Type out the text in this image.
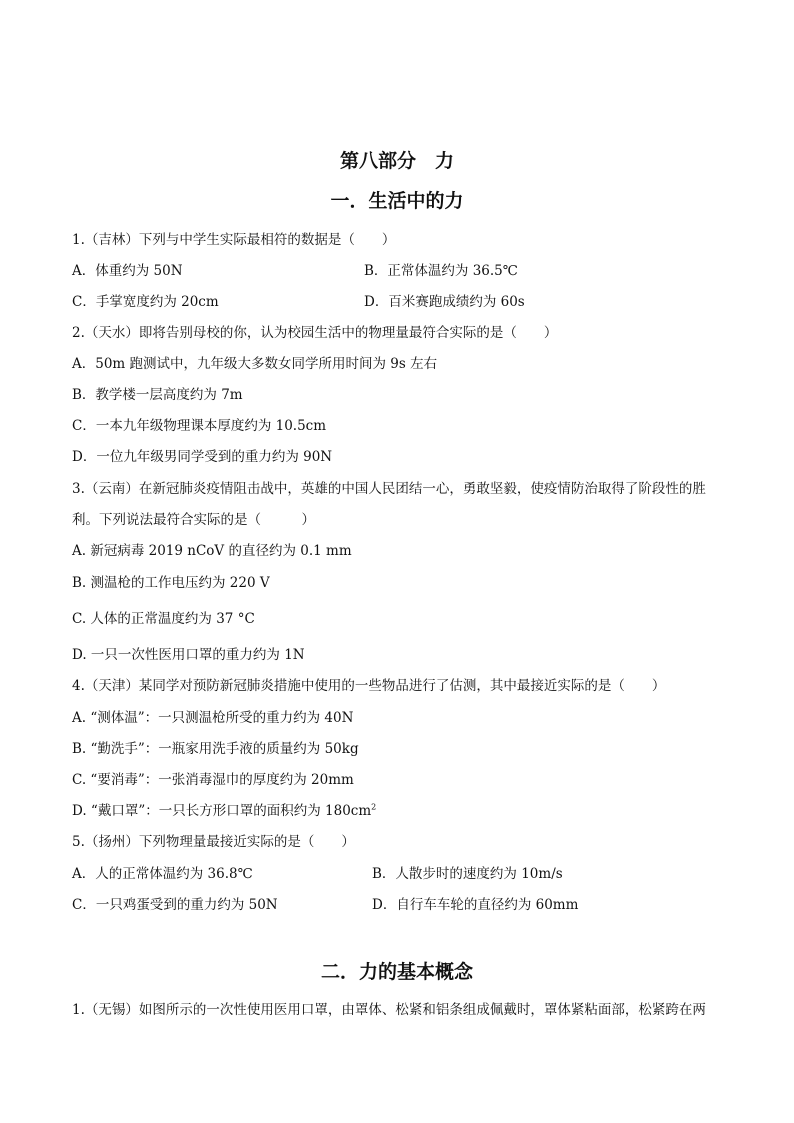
第八部分　力
一．生活中的力
1.（吉林）下列与中学生实际最相符的数据是（　　）
A．体重约为 50N	B．正常体温约为 36.5℃
C．手掌宽度约为 20cm	D．百米赛跑成绩约为 60s
2.（天水）即将告别母校的你，认为校园生活中的物理量最符合实际的是（　　）
A．50m 跑测试中，九年级大多数女同学所用时间为 9s 左右
B．教学楼一层高度约为 7m
C．一本九年级物理课本厚度约为 10.5cm
D．一位九年级男同学受到的重力约为 90N
3.（云南）在新冠肺炎疫情阻击战中，英雄的中国人民团结一心，勇敢坚毅，使疫情防治取得了阶段性的胜
利。下列说法最符合实际的是（　　　）
A. 新冠病毒 2019 nCoV 的直径约为 0.1 mm
B. 测温枪的工作电压约为 220 V
C. 人体的正常温度约为 37 °C
D. 一只一次性医用口罩的重力约为 1N
4.（天津）某同学对预防新冠肺炎措施中使用的一些物品进行了估测，其中最接近实际的是（　　）
A. “测体温”：一只测温枪所受的重力约为 40N
B. “勤洗手”：一瓶家用洗手液的质量约为 50kg
C. “要消毒”：一张消毒湿巾的厚度约为 20mm
D. “戴口罩”：一只长方形口罩的面积约为 $180cm^2$
5.（扬州）下列物理量最接近实际的是（　　）
A．人的正常体温约为 36.8℃	B．人散步时的速度约为 10m/s
C．一只鸡蛋受到的重力约为 50N	D．自行车车轮的直径约为 60mm
二．力的基本概念
1.（无锡）如图所示的一次性使用医用口罩，由罩体、松紧和铝条组成佩戴时，罩体紧粘面部，松紧跨在两
